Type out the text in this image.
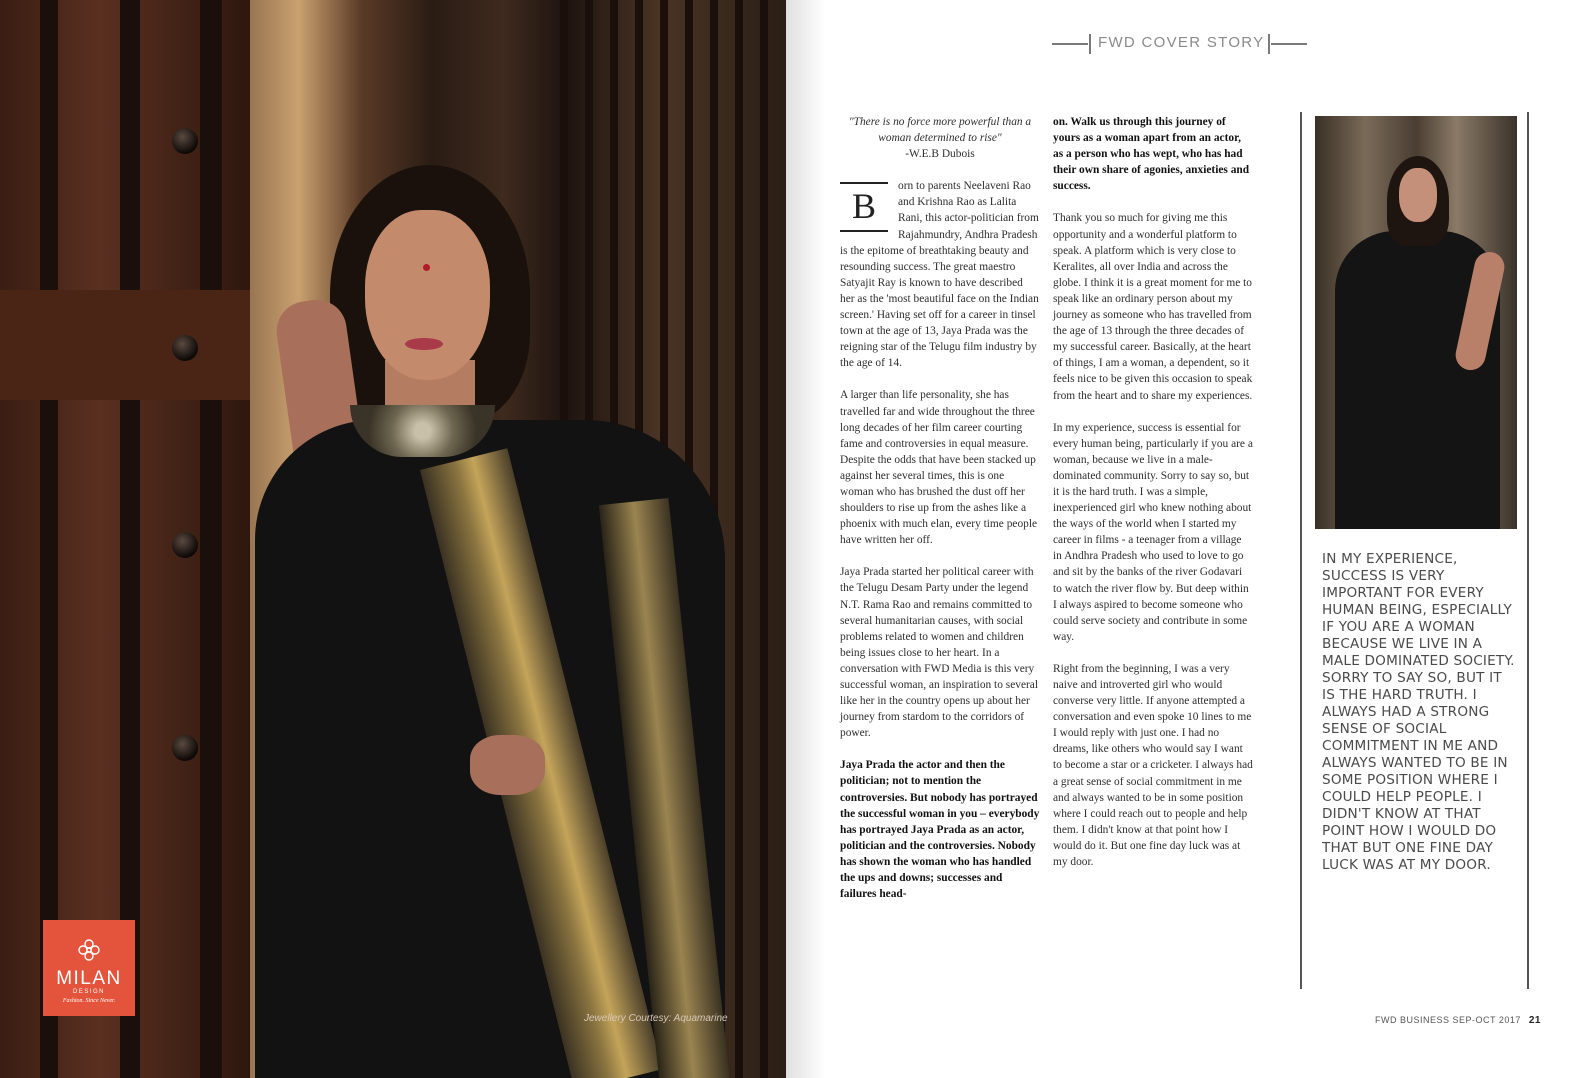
MILAN
DESIGN
Fashion. Since Never.
Jewellery Courtesy: Aquamarine
FWD COVER STORY

"There is no force more powerful than a woman determined to rise"
-W.E.B Dubois

B	orn to parents Neelaveni Rao and Krishna Rao as Lalita Rani, this actor-politician from Rajahmundry, Andhra Pradesh is the epitome of breathtaking beauty and resounding success. The great maestro Satyajit Ray is known to have described her as the 'most beautiful face on the Indian screen.' Having set off for a career in tinsel town at the age of 13, Jaya Prada was the reigning star of the Telugu film industry by the age of 14.

A larger than life personality, she has travelled far and wide throughout the three long decades of her film career courting fame and controversies in equal measure. Despite the odds that have been stacked up against her several times, this is one woman who has brushed the dust off her shoulders to rise up from the ashes like a phoenix with much elan, every time people have written her off.

Jaya Prada started her political career with the Telugu Desam Party under the legend N.T. Rama Rao and remains committed to several humanitarian causes, with social problems related to women and children being issues close to her heart. In a conversation with FWD Media is this very successful woman, an inspiration to several like her in the country opens up about her journey from stardom to the corridors of power.

Jaya Prada the actor and then the politician; not to mention the controversies. But nobody has portrayed the successful woman in you – everybody has portrayed Jaya Prada as an actor, politician and the controversies. Nobody has shown the woman who has handled the ups and downs; successes and failures head-

on. Walk us through this journey of yours as a woman apart from an actor, as a person who has wept, who has had their own share of agonies, anxieties and success.

Thank you so much for giving me this opportunity and a wonderful platform to speak. A platform which is very close to Keralites, all over India and across the globe. I think it is a great moment for me to speak like an ordinary person about my journey as someone who has travelled from the age of 13 through the three decades of my successful career. Basically, at the heart of things, I am a woman, a dependent, so it feels nice to be given this occasion to speak from the heart and to share my experiences.

In my experience, success is essential for every human being, particularly if you are a woman, because we live in a male-dominated community. Sorry to say so, but it is the hard truth. I was a simple, inexperienced girl who knew nothing about the ways of the world when I started my career in films - a teenager from a village in Andhra Pradesh who used to love to go and sit by the banks of the river Godavari to watch the river flow by. But deep within I always aspired to become someone who could serve society and contribute in some way.

Right from the beginning, I was a very naive and introverted girl who would converse very little. If anyone attempted a conversation and even spoke 10 lines to me I would reply with just one. I had no dreams, like others who would say I want to become a star or a cricketer. I always had a great sense of social commitment in me and always wanted to be in some position where I could reach out to people and help them. I didn't know at that point how I would do it. But one fine day luck was at my door.

IN MY EXPERIENCE, SUCCESS IS VERY IMPORTANT FOR EVERY HUMAN BEING, ESPECIALLY IF YOU ARE A WOMAN BECAUSE WE LIVE IN A MALE DOMINATED SOCIETY. SORRY TO SAY SO, BUT IT IS THE HARD TRUTH. I ALWAYS HAD A STRONG SENSE OF SOCIAL COMMITMENT IN ME AND ALWAYS WANTED TO BE IN SOME POSITION WHERE I COULD HELP PEOPLE. I DIDN'T KNOW AT THAT POINT HOW I WOULD DO THAT BUT ONE FINE DAY LUCK WAS AT MY DOOR.
FWD BUSINESS SEP-OCT 2017 21
